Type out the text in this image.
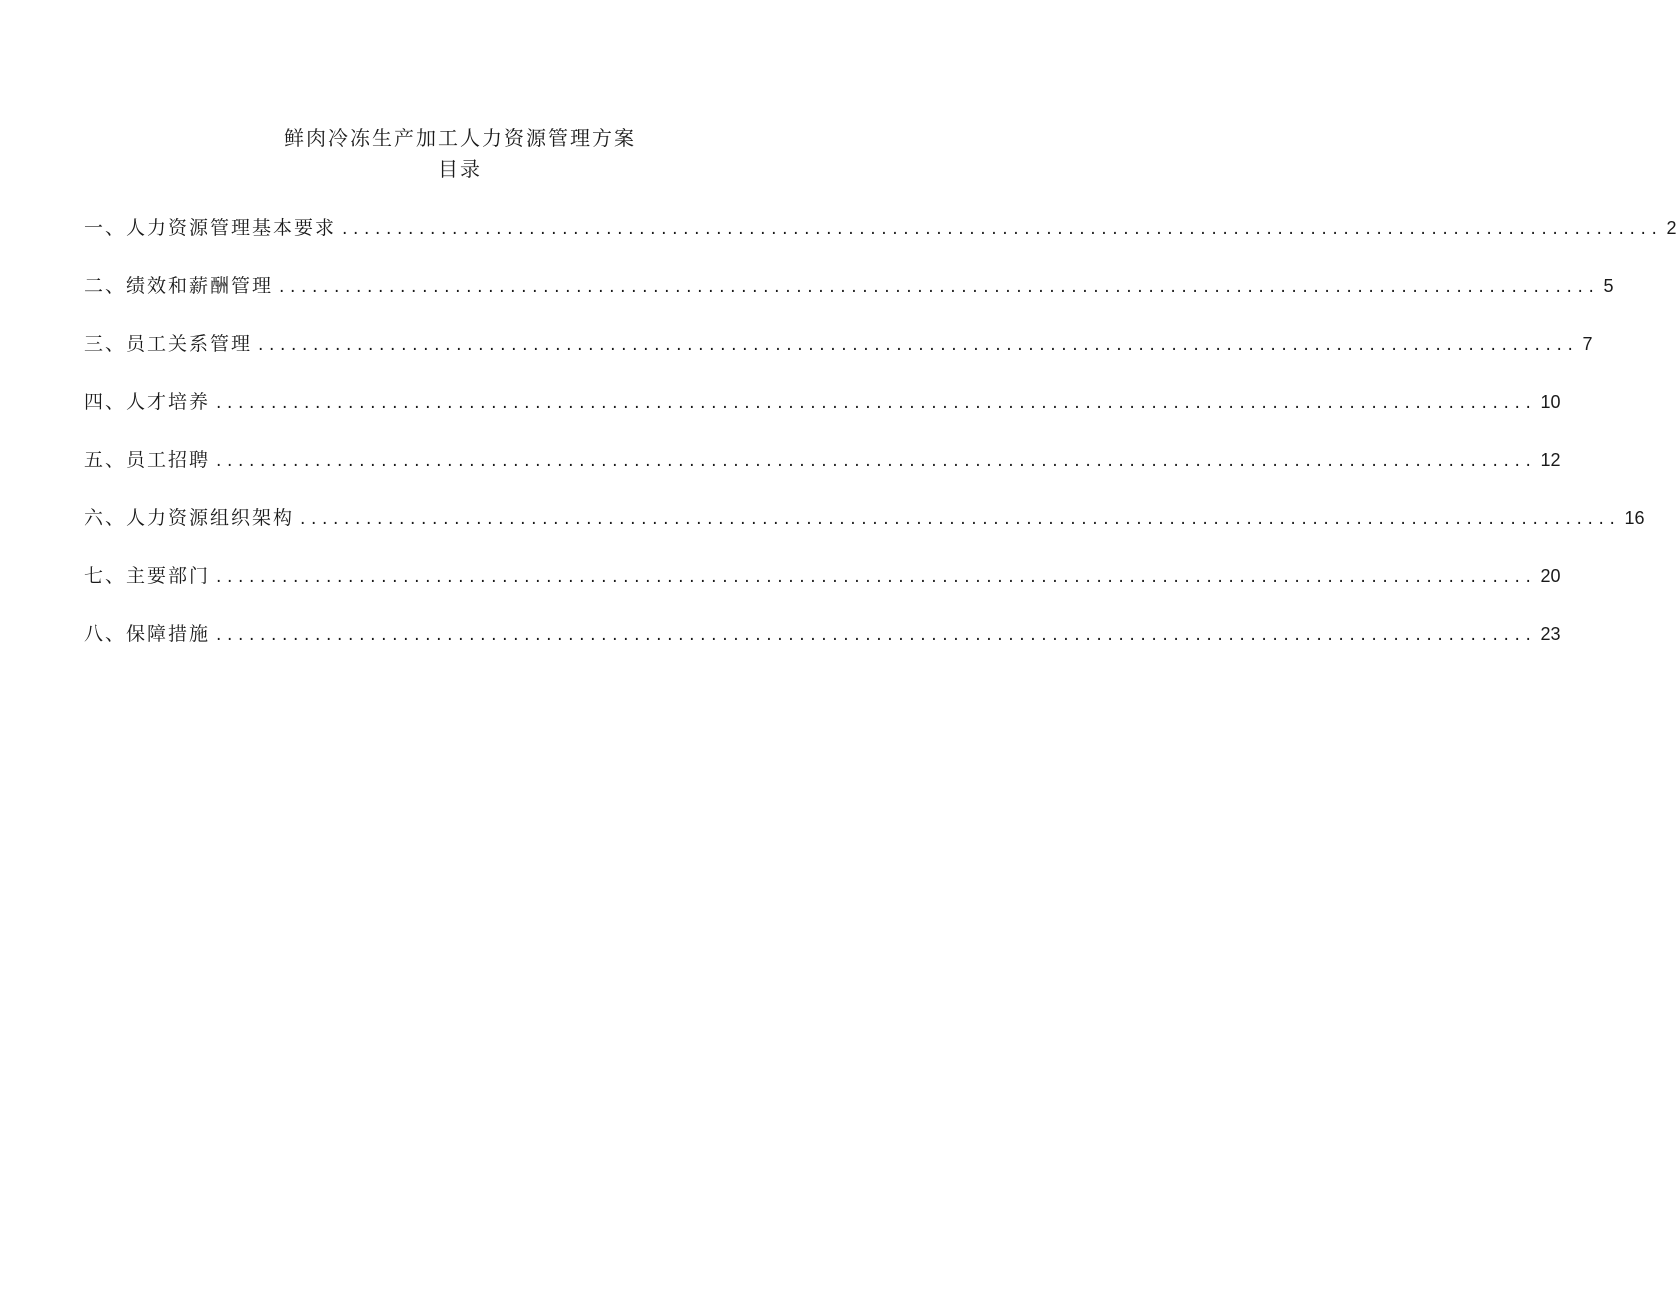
鲜肉冷冻生产加工人力资源管理方案
目录
一、人力资源管理基本要求 ........................................................................................................................ 2
二、绩效和薪酬管理 ........................................................................................................................ 5
三、员工关系管理 ........................................................................................................................ 7
四、人才培养 ........................................................................................................................ 10
五、员工招聘 ........................................................................................................................ 12
六、人力资源组织架构 ........................................................................................................................ 16
七、主要部门 ........................................................................................................................ 20
八、保障措施 ........................................................................................................................ 23
